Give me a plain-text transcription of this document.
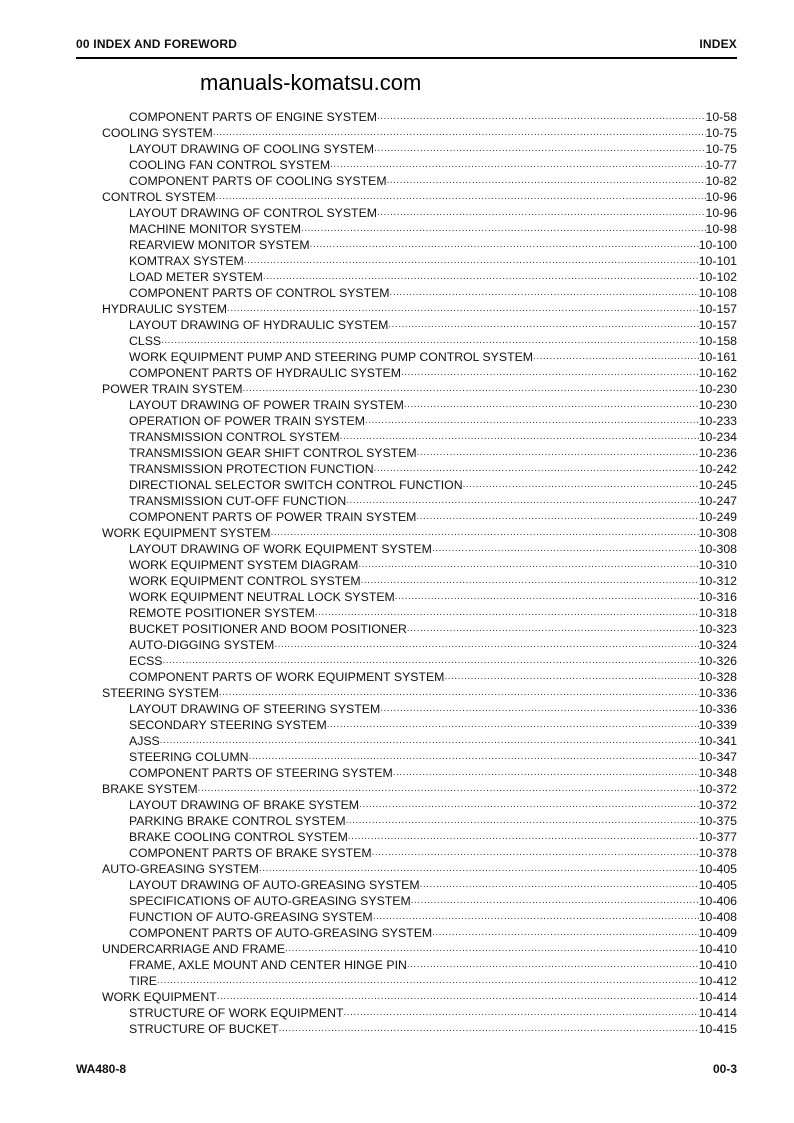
00 INDEX AND FOREWORD	INDEX
manuals-komatsu.com
COMPONENT PARTS OF ENGINE SYSTEM .....	10-58
COOLING SYSTEM .....	10-75
LAYOUT DRAWING OF COOLING SYSTEM .....	10-75
COOLING FAN CONTROL SYSTEM .....	10-77
COMPONENT PARTS OF COOLING SYSTEM .....	10-82
CONTROL SYSTEM .....	10-96
LAYOUT DRAWING OF CONTROL SYSTEM .....	10-96
MACHINE MONITOR SYSTEM .....	10-98
REARVIEW MONITOR SYSTEM .....	10-100
KOMTRAX SYSTEM .....	10-101
LOAD METER SYSTEM .....	10-102
COMPONENT PARTS OF CONTROL SYSTEM .....	10-108
HYDRAULIC SYSTEM .....	10-157
LAYOUT DRAWING OF HYDRAULIC SYSTEM .....	10-157
CLSS .....	10-158
WORK EQUIPMENT PUMP AND STEERING PUMP CONTROL SYSTEM .....	10-161
COMPONENT PARTS OF HYDRAULIC SYSTEM .....	10-162
POWER TRAIN SYSTEM .....	10-230
LAYOUT DRAWING OF POWER TRAIN SYSTEM .....	10-230
OPERATION OF POWER TRAIN SYSTEM .....	10-233
TRANSMISSION CONTROL SYSTEM .....	10-234
TRANSMISSION GEAR SHIFT CONTROL SYSTEM .....	10-236
TRANSMISSION PROTECTION FUNCTION .....	10-242
DIRECTIONAL SELECTOR SWITCH CONTROL FUNCTION .....	10-245
TRANSMISSION CUT-OFF FUNCTION .....	10-247
COMPONENT PARTS OF POWER TRAIN SYSTEM .....	10-249
WORK EQUIPMENT SYSTEM .....	10-308
LAYOUT DRAWING OF WORK EQUIPMENT SYSTEM .....	10-308
WORK EQUIPMENT SYSTEM DIAGRAM .....	10-310
WORK EQUIPMENT CONTROL SYSTEM .....	10-312
WORK EQUIPMENT NEUTRAL LOCK SYSTEM .....	10-316
REMOTE POSITIONER SYSTEM .....	10-318
BUCKET POSITIONER AND BOOM POSITIONER .....	10-323
AUTO-DIGGING SYSTEM .....	10-324
ECSS .....	10-326
COMPONENT PARTS OF WORK EQUIPMENT SYSTEM .....	10-328
STEERING SYSTEM .....	10-336
LAYOUT DRAWING OF STEERING SYSTEM .....	10-336
SECONDARY STEERING SYSTEM .....	10-339
AJSS .....	10-341
STEERING COLUMN .....	10-347
COMPONENT PARTS OF STEERING SYSTEM .....	10-348
BRAKE SYSTEM .....	10-372
LAYOUT DRAWING OF BRAKE SYSTEM .....	10-372
PARKING BRAKE CONTROL SYSTEM .....	10-375
BRAKE COOLING CONTROL SYSTEM .....	10-377
COMPONENT PARTS OF BRAKE SYSTEM .....	10-378
AUTO-GREASING SYSTEM .....	10-405
LAYOUT DRAWING OF AUTO-GREASING SYSTEM .....	10-405
SPECIFICATIONS OF AUTO-GREASING SYSTEM .....	10-406
FUNCTION OF AUTO-GREASING SYSTEM .....	10-408
COMPONENT PARTS OF AUTO-GREASING SYSTEM .....	10-409
UNDERCARRIAGE AND FRAME .....	10-410
FRAME, AXLE MOUNT AND CENTER HINGE PIN .....	10-410
TIRE .....	10-412
WORK EQUIPMENT .....	10-414
STRUCTURE OF WORK EQUIPMENT .....	10-414
STRUCTURE OF BUCKET .....	10-415
WA480-8	00-3
